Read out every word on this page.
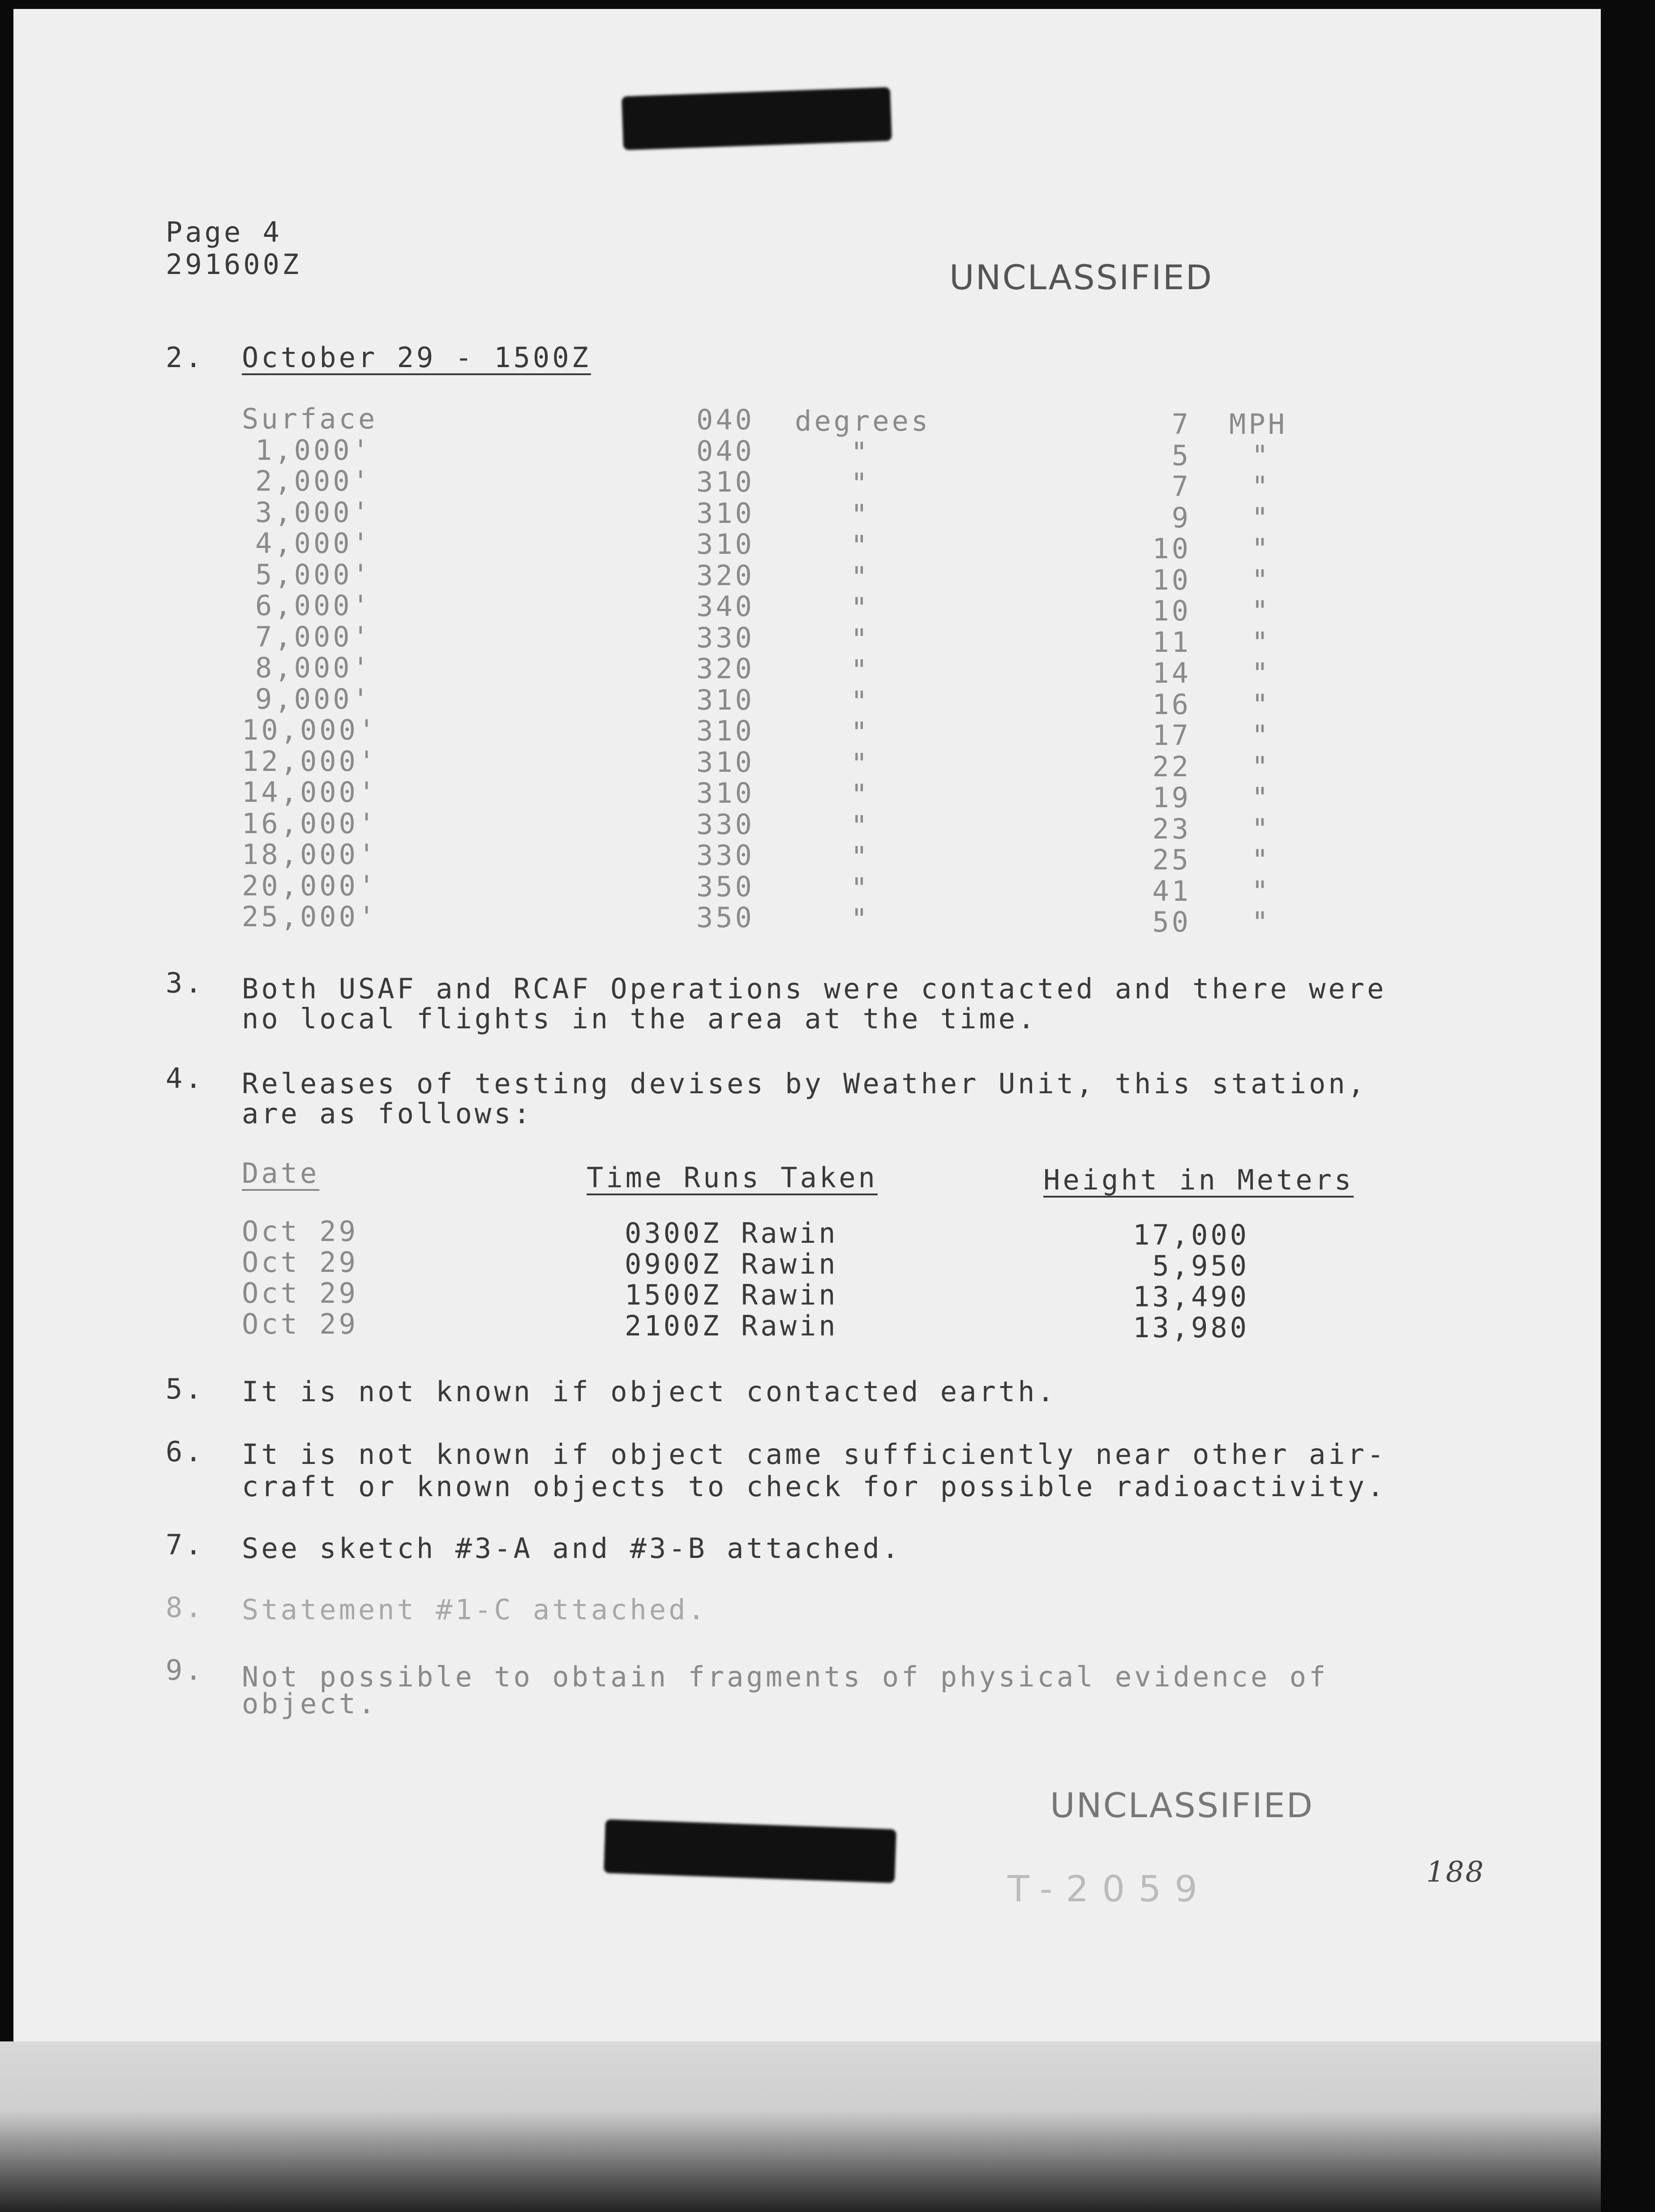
Page 4
291600Z	UNCLASSIFIED
2. October 29 - 1500Z
Surface	040 degrees	7 MPH
1,000'	040	"	5 "
2,000'	310	"	7 "
3,000'	310	"	9 "
4,000'	310	"	10 "
5,000'	320	"	10 "
6,000'	340	"	10 "
7,000'	330	"	11 "
8,000'	320	"	14 "
9,000'	310	"	16 "
10,000'	310	"	17 "
12,000'	310	"	22 "
14,000'	310	"	19 "
16,000'	330	"	23 "
18,000'	330	"	25 "
20,000'	350	"	41 "
25,000'	350	"	50 "
3. Both USAF and RCAF Operations were contacted and there were
no local flights in the area at the time.
4. Releases of testing devises by Weather Unit, this station,
are as follows:
Date	Time Runs Taken	Height in Meters
Oct 29	0300Z Rawin	17,000
Oct 29	0900Z Rawin	5,950
Oct 29	1500Z Rawin	13,490
Oct 29	2100Z Rawin	13,980
5. It is not known if object contacted earth.
6. It is not known if object came sufficiently near other air-
craft or known objects to check for possible radioactivity.
7. See sketch #3-A and #3-B attached.
8. Statement #1-C attached.
9. Not possible to obtain fragments of physical evidence of
object.
UNCLASSIFIED
T-2059	188
